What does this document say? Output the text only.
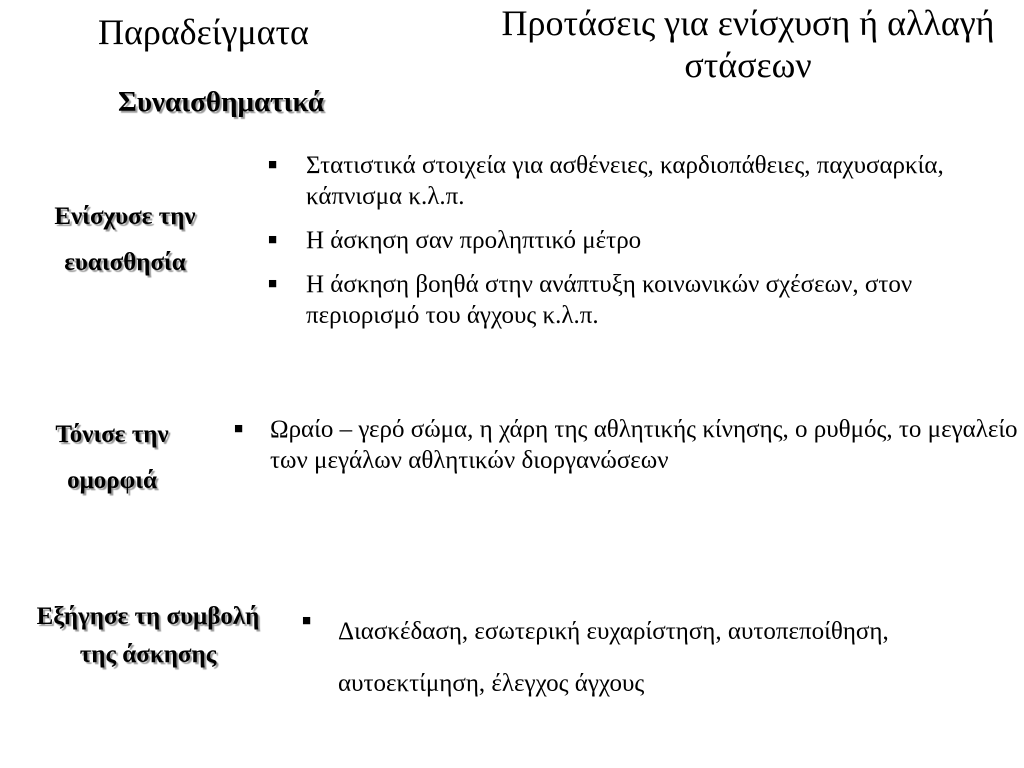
Παραδείγματα	Προτάσεις για ενίσχυση ή αλλαγή στάσεων
Συναισθηματικά
Ενίσχυσε την ευαισθησία
■ Στατιστικά στοιχεία για ασθένειες, καρδιοπάθειες, παχυσαρκία, κάπνισμα κ.λ.π.
■ Η άσκηση σαν προληπτικό μέτρο
■ Η άσκηση βοηθά στην ανάπτυξη κοινωνικών σχέσεων, στον περιορισμό του άγχους κ.λ.π.
Τόνισε την ομορφιά
■ Ωραίο – γερό σώμα, η χάρη της αθλητικής κίνησης, ο ρυθμός, το μεγαλείο των μεγάλων αθλητικών διοργανώσεων
Εξήγησε τη συμβολή της άσκησης
■ Διασκέδαση, εσωτερική ευχαρίστηση, αυτοπεποίθηση, αυτοεκτίμηση, έλεγχος άγχους
